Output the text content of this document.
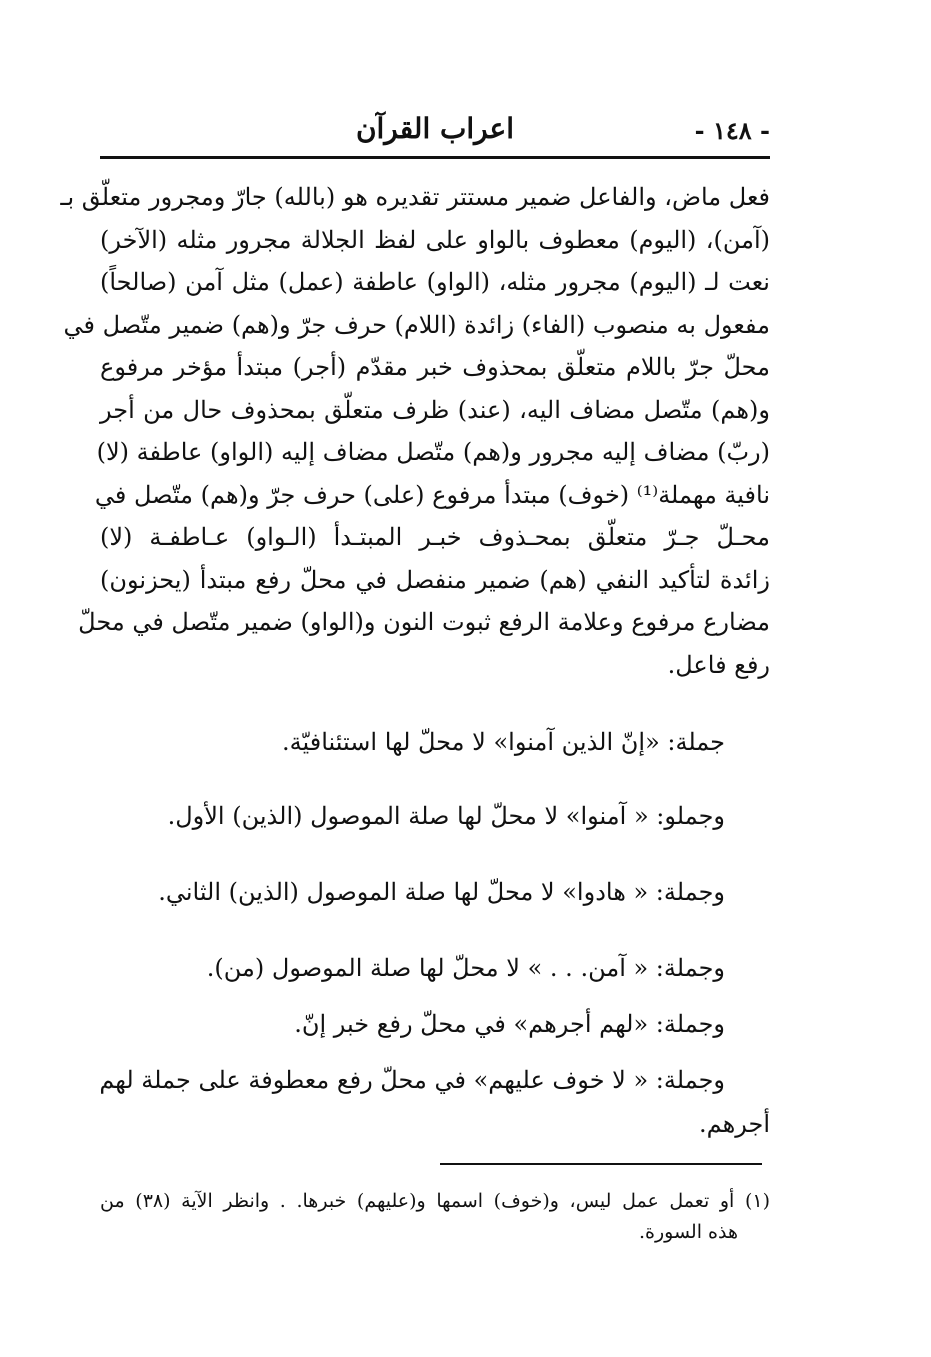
- ١٤٨ -
اعراب القرآن
فعل ماض، والفاعل ضمير مستتر تقديره هو (بالله) جارّ ومجرور متعلّق بـ
(آمن)، (اليوم) معطوف بالواو على لفظ الجلالة مجرور مثله (الآخر)
نعت لـ (اليوم) مجرور مثله، (الواو) عاطفة (عمل) مثل آمن (صالحاً)
مفعول به منصوب (الفاء) زائدة (اللام) حرف جرّ و(هم) ضمير متّصل في
محلّ جرّ باللام متعلّق بمحذوف خبر مقدّم (أجر) مبتدأ مؤخر مرفوع
و(هم) متّصل مضاف اليه، (عند) ظرف متعلّق بمحذوف حال من أجر
(ربّ) مضاف إليه مجرور و(هم) متّصل مضاف إليه (الواو) عاطفة (لا)
نافية مهملة⁽¹⁾ (خوف) مبتدأ مرفوع (على) حرف جرّ و(هم) متّصل في
محـلّ جـرّ متعلّق بمحـذوف خبـر المبتـدأ (الـواو) عـاطفـة (لا)
زائدة لتأكيد النفي (هم) ضمير منفصل في محلّ رفع مبتدأ (يحزنون)
مضارع مرفوع وعلامة الرفع ثبوت النون و(الواو) ضمير متّصل في محلّ
رفع فاعل.
جملة: «إنّ الذين آمنوا» لا محلّ لها استئنافيّة.
وجملو: « آمنوا» لا محلّ لها صلة الموصول (الذين) الأول.
وجملة: « هادوا» لا محلّ لها صلة الموصول (الذين) الثاني.
وجملة: « آمن. . . » لا محلّ لها صلة الموصول (من).
وجملة: «لهم أجرهم» في محلّ رفع خبر إنّ.
وجملة: « لا خوف عليهم» في محلّ رفع معطوفة على جملة لهم
أجرهم.
(١) أو تعمل عمل ليس، و(خوف) اسمها و(عليهم) خبرها. . وانظر الآية (٣٨) من
هذه السورة.
